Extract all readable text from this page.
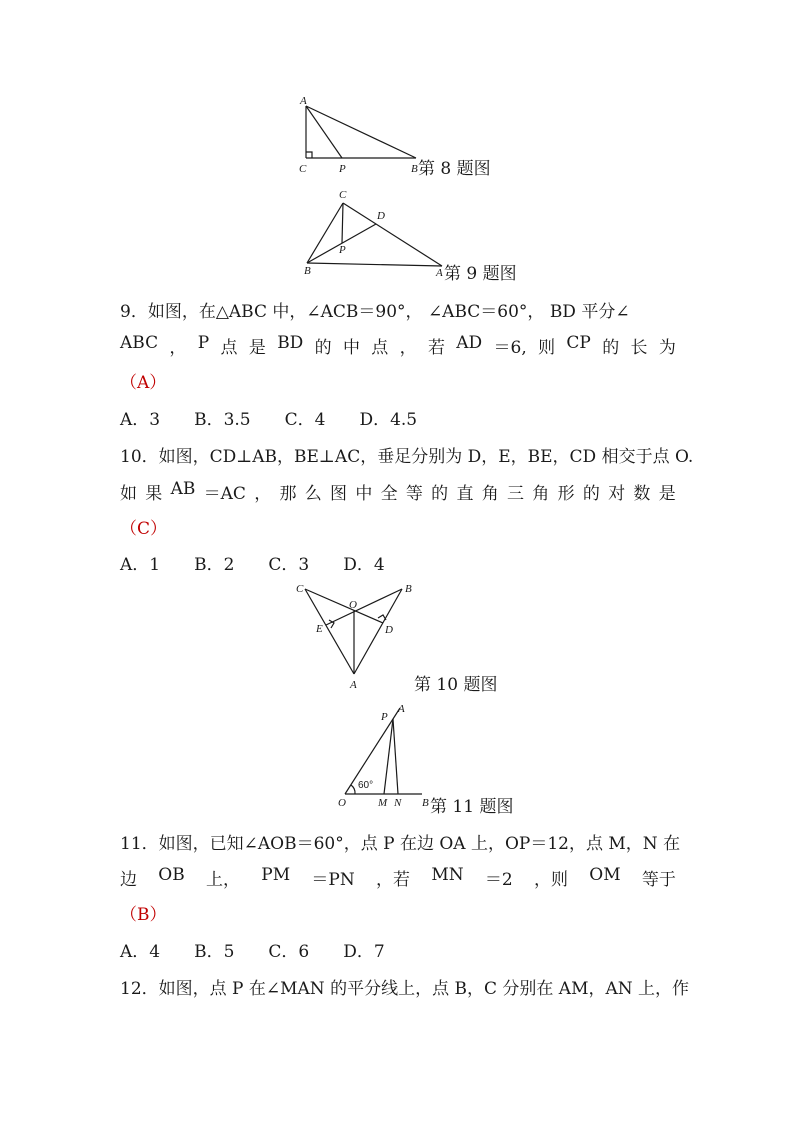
A
C	P	B 第 8 题图
C
D
P
B	A 第 9 题图
9．如图，在△ABC 中，∠ACB＝90°， ∠ABC＝60°， BD 平分∠
ABC ， P 点 是 BD 的 中 点 ， 若 AD ＝6, 则 CP 的 长 为
（A）
A．3 B．3.5 C．4 D．4.5
10．如图，CD⊥AB，BE⊥AC，垂足分别为 D，E，BE，CD 相交于点 O.
如 果 AB ＝AC ， 那 么 图 中 全 等 的 直 角 三 角 形 的 对 数 是
（C）
A．1 B．2 C．3 D．4
C
O
B
E	D
A	第 10 题图
60°
P
A
O	M N B 第 11 题图
11．如图，已知∠AOB＝60°，点 P 在边 OA 上，OP＝12，点 M，N 在
边 OB 上， PM ＝PN ，若 MN ＝2 ，则 OM 等于
（B）
A．4 B．5 C．6 D．7
12．如图，点 P 在∠MAN 的平分线上，点 B，C 分别在 AM，AN 上，作
